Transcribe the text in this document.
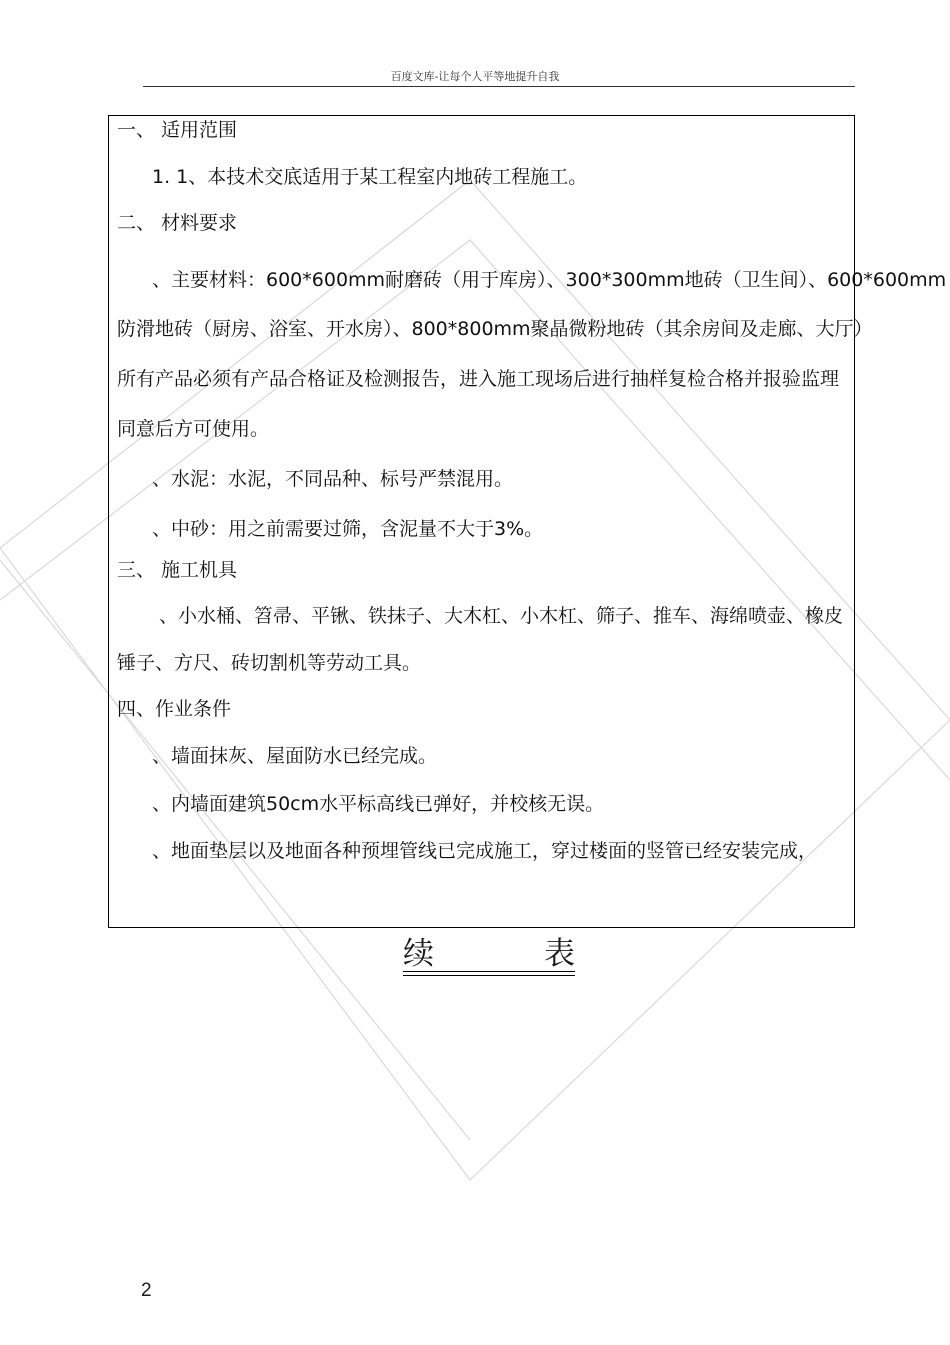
百度文库-让每个人平等地提升自我
一、 适用范围
1. 1、本技术交底适用于某工程室内地砖工程施工。
二、 材料要求
、主要材料：600*600mm耐磨砖（用于库房）、300*300mm地砖（卫生间）、600*600mm
防滑地砖（厨房、浴室、开水房）、800*800mm聚晶微粉地砖（其余房间及走廊、大厅）
所有产品必须有产品合格证及检测报告，进入施工现场后进行抽样复检合格并报验监理
同意后方可使用。
、水泥：水泥，不同品种、标号严禁混用。
、中砂：用之前需要过筛，含泥量不大于3%。
三、 施工机具
、小水桶、笤帚、平锹、铁抹子、大木杠、小木杠、筛子、推车、海绵喷壶、橡皮
锤子、方尺、砖切割机等劳动工具。
四、作业条件
、墙面抹灰、屋面防水已经完成。
、内墙面建筑50cm水平标高线已弹好，并校核无误。
、地面垫层以及地面各种预埋管线已完成施工，穿过楼面的竖管已经安装完成，
续	表
2
